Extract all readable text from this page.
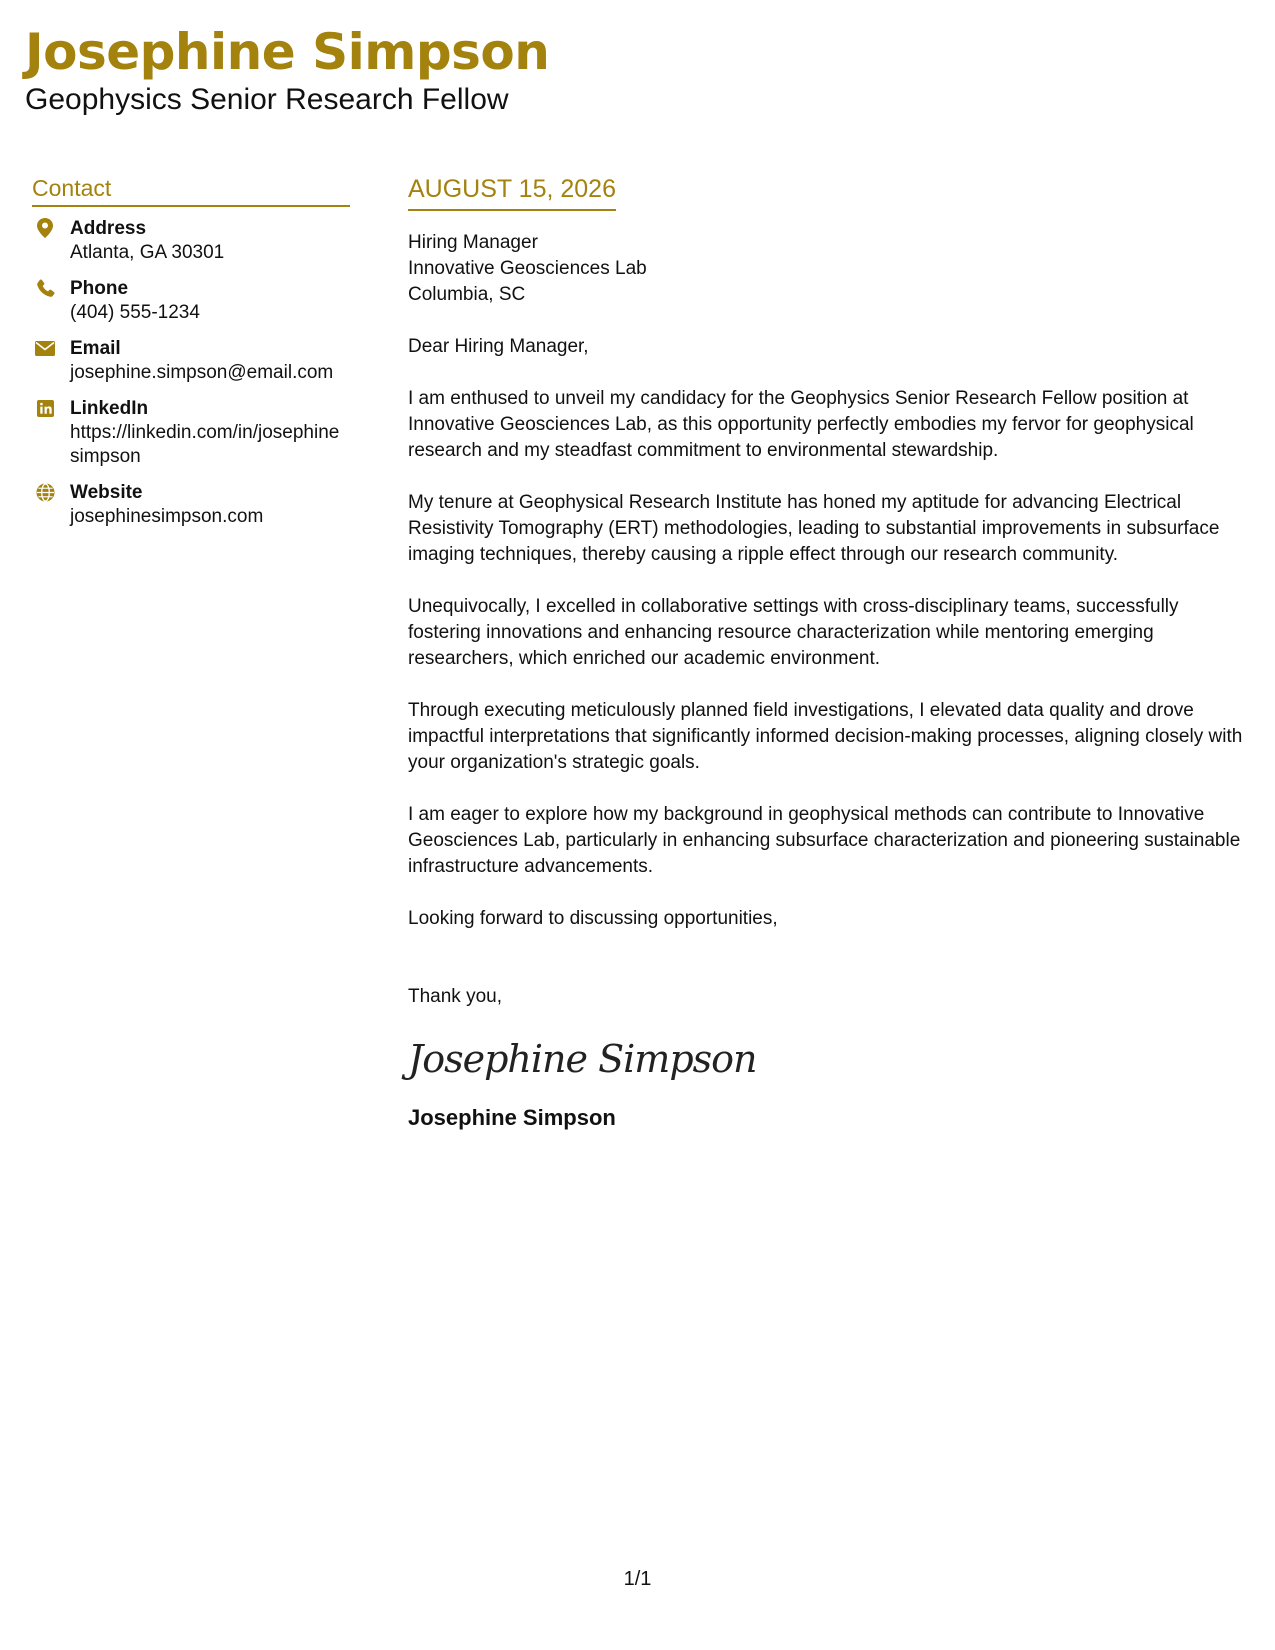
Josephine Simpson
Geophysics Senior Research Fellow
Contact
Address
Atlanta, GA 30301
Phone
(404) 555-1234
Email
josephine.simpson@email.com
LinkedIn
https://linkedin.com/in/josephine simpson
Website
josephinesimpson.com
AUGUST 15, 2026
Hiring Manager
Innovative Geosciences Lab
Columbia, SC
Dear Hiring Manager,

I am enthused to unveil my candidacy for the Geophysics Senior Research Fellow position at Innovative Geosciences Lab, as this opportunity perfectly embodies my fervor for geophysical research and my steadfast commitment to environmental stewardship.

My tenure at Geophysical Research Institute has honed my aptitude for advancing Electrical Resistivity Tomography (ERT) methodologies, leading to substantial improvements in subsurface imaging techniques, thereby causing a ripple effect through our research community.

Unequivocally, I excelled in collaborative settings with cross-disciplinary teams, successfully fostering innovations and enhancing resource characterization while mentoring emerging researchers, which enriched our academic environment.

Through executing meticulously planned field investigations, I elevated data quality and drove impactful interpretations that significantly informed decision-making processes, aligning closely with your organization's strategic goals.

I am eager to explore how my background in geophysical methods can contribute to Innovative Geosciences Lab, particularly in enhancing subsurface characterization and pioneering sustainable infrastructure advancements.

Looking forward to discussing opportunities,
Thank you,
Josephine Simpson
Josephine Simpson
1/1
